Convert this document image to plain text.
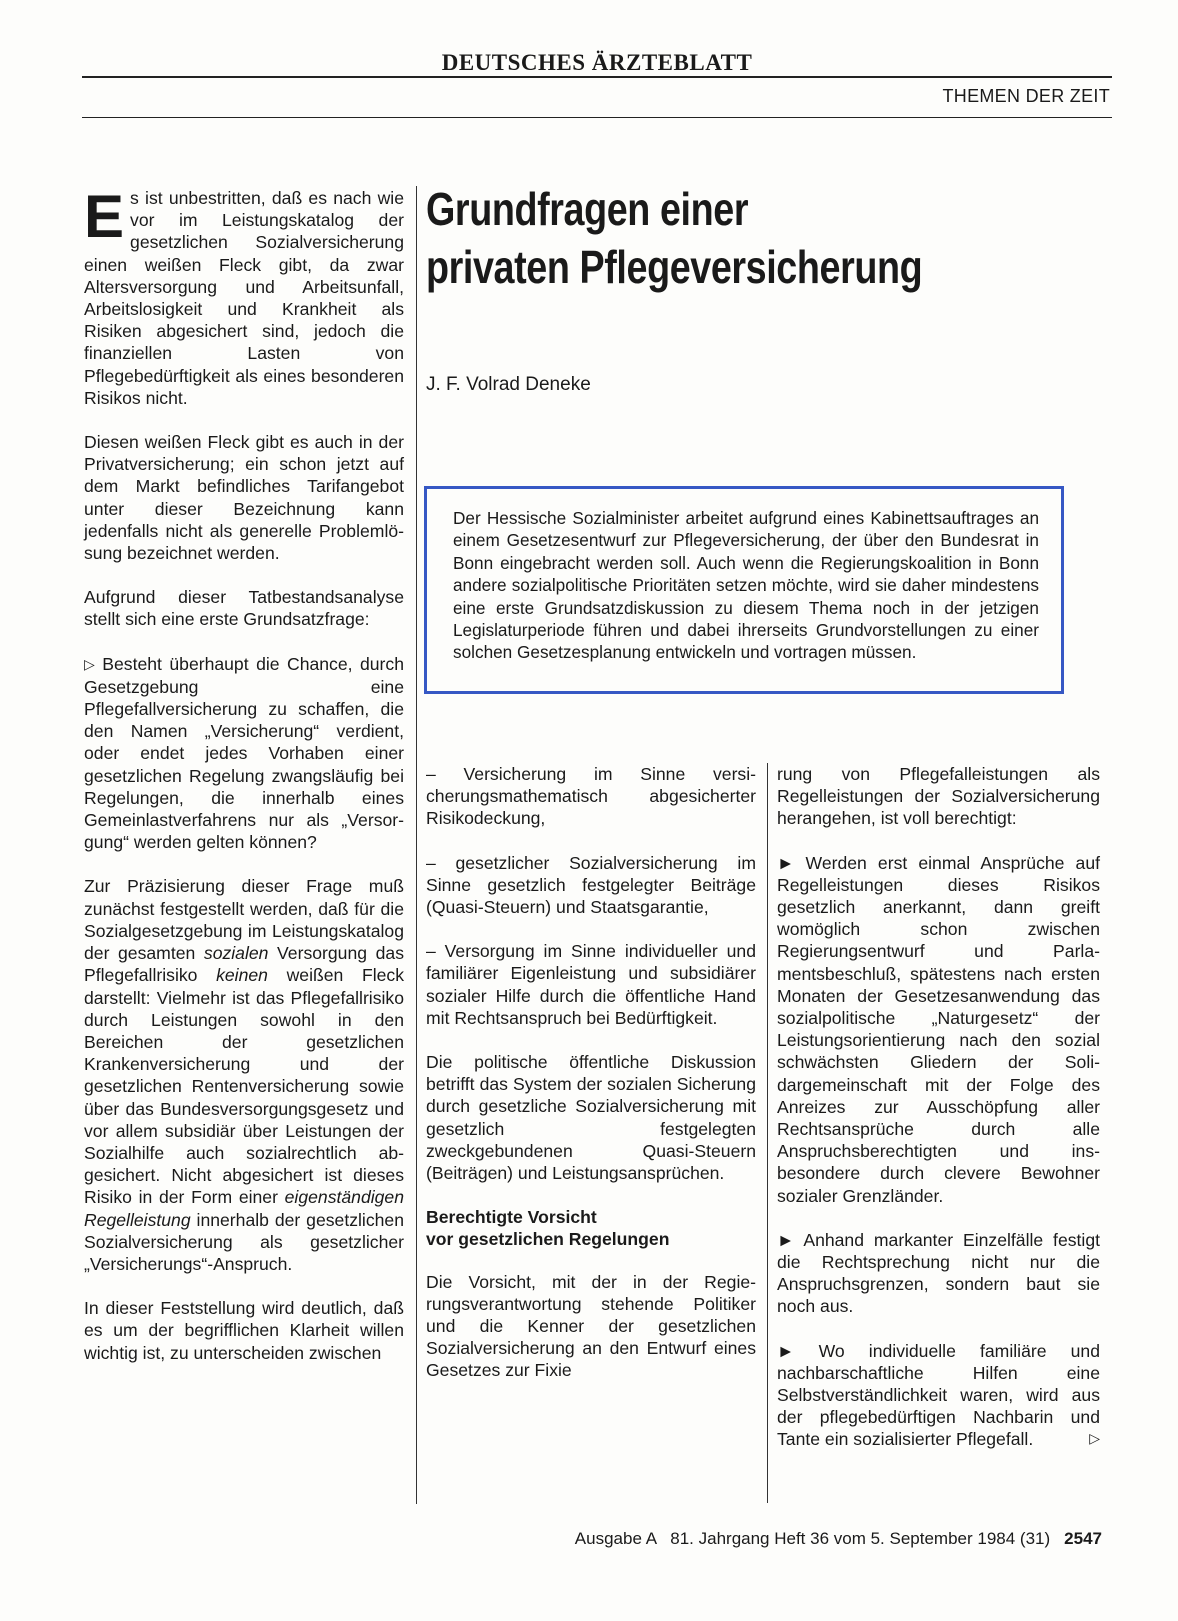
DEUTSCHES ÄRZTEBLATT
THEMEN DER ZEIT
Grundfragen einer
privaten Pflegeversicherung
J. F. Volrad Deneke
Der Hessische Sozialminister arbeitet aufgrund eines Kabinettsauftrages an einem Gesetzesentwurf zur Pflegeversicherung, der über den Bundesrat in Bonn eingebracht werden soll. Auch wenn die Regierungskoalition in Bonn andere sozialpolitische Prioritäten setzen möchte, wird sie daher mindestens eine erste Grundsatzdiskussion zu diesem Thema noch in der jetzigen Legislaturperiode führen und dabei ihrerseits Grundvorstellungen zu einer solchen Gesetzesplanung entwickeln und vortragen müssen.

Es ist unbestritten, daß es nach wie vor im Leistungskatalog der gesetzlichen Sozialversicherung einen weißen Fleck gibt, da zwar Altersversorgung und Arbeitsunfall, Arbeitslosigkeit und Krankheit als Risiken abgesichert sind, jedoch die finanziellen Lasten von Pflegebedürftigkeit als eines besonderen Risikos nicht.

Diesen weißen Fleck gibt es auch in der Privatversicherung; ein schon jetzt auf dem Markt befindliches Tarifangebot unter dieser Bezeichnung kann jedenfalls nicht als generelle Problemlösung bezeichnet werden.

Aufgrund dieser Tatbestandsanalyse stellt sich eine erste Grundsatzfrage:

▷ Besteht überhaupt die Chance, durch Gesetzgebung eine Pflegefallversicherung zu schaffen, die den Namen „Versicherung“ verdient, oder endet jedes Vorhaben einer gesetzlichen Regelung zwangsläufig bei Regelungen, die innerhalb eines Gemeinlastverfahrens nur als „Versorgung“ werden gelten können?

Zur Präzisierung dieser Frage muß zunächst festgestellt werden, daß für die Sozialgesetzgebung im Leistungskatalog der gesamten sozialen Versorgung das Pflegefallrisiko keinen weißen Fleck darstellt: Vielmehr ist das Pflegefallrisiko durch Leistungen sowohl in den Bereichen der gesetzlichen Krankenversicherung und der gesetzlichen Rentenversicherung sowie über das Bundesversorgungsgesetz und vor allem subsidiär über Leistungen der Sozialhilfe auch sozialrechtlich abgesichert. Nicht abgesichert ist dieses Risiko in der Form einer eigenständigen Regelleistung innerhalb der gesetzlichen Sozialversicherung als gesetzlicher „Versicherungs“-Anspruch.

In dieser Feststellung wird deutlich, daß es um der begrifflichen Klarheit willen wichtig ist, zu unterscheiden zwischen

– Versicherung im Sinne versicherungsmathematisch abgesicherter Risikodeckung,

– gesetzlicher Sozialversicherung im Sinne gesetzlich festgelegter Beiträge (Quasi-Steuern) und Staatsgarantie,

– Versorgung im Sinne individueller und familiärer Eigenleistung und subsidiärer sozialer Hilfe durch die öffentliche Hand mit Rechtsanspruch bei Bedürftigkeit.

Die politische öffentliche Diskussion betrifft das System der sozialen Sicherung durch gesetzliche Sozialversicherung mit gesetzlich festgelegten zweckgebundenen Quasi-Steuern (Beiträgen) und Leistungsansprüchen.

Berechtigte Vorsicht
vor gesetzlichen Regelungen

Die Vorsicht, mit der in der Regierungsverantwortung stehende Politiker und die Kenner der gesetzlichen Sozialversicherung an den Entwurf eines Gesetzes zur Fixie

rung von Pflegefalleistungen als Regelleistungen der Sozialversicherung herangehen, ist voll berechtigt:

► Werden erst einmal Ansprüche auf Regelleistungen dieses Risikos gesetzlich anerkannt, dann greift womöglich schon zwischen Regierungsentwurf und Parlamentsbeschluß, spätestens nach ersten Monaten der Gesetzesanwendung das sozialpolitische „Naturgesetz“ der Leistungsorientierung nach den sozial schwächsten Gliedern der Solidargemeinschaft mit der Folge des Anreizes zur Ausschöpfung aller Rechtsansprüche durch alle Anspruchsberechtigten und insbesondere durch clevere Bewohner sozialer Grenzländer.

► Anhand markanter Einzelfälle festigt die Rechtsprechung nicht nur die Anspruchsgrenzen, sondern baut sie noch aus.

► Wo individuelle familiäre und nachbarschaftliche Hilfen eine Selbstverständlichkeit waren, wird aus der pflegebedürftigen Nachbarin und Tante ein sozialisierter Pflegefall.	▷

Ausgabe A   81. Jahrgang Heft 36 vom 5. September 1984 (31) 2547
